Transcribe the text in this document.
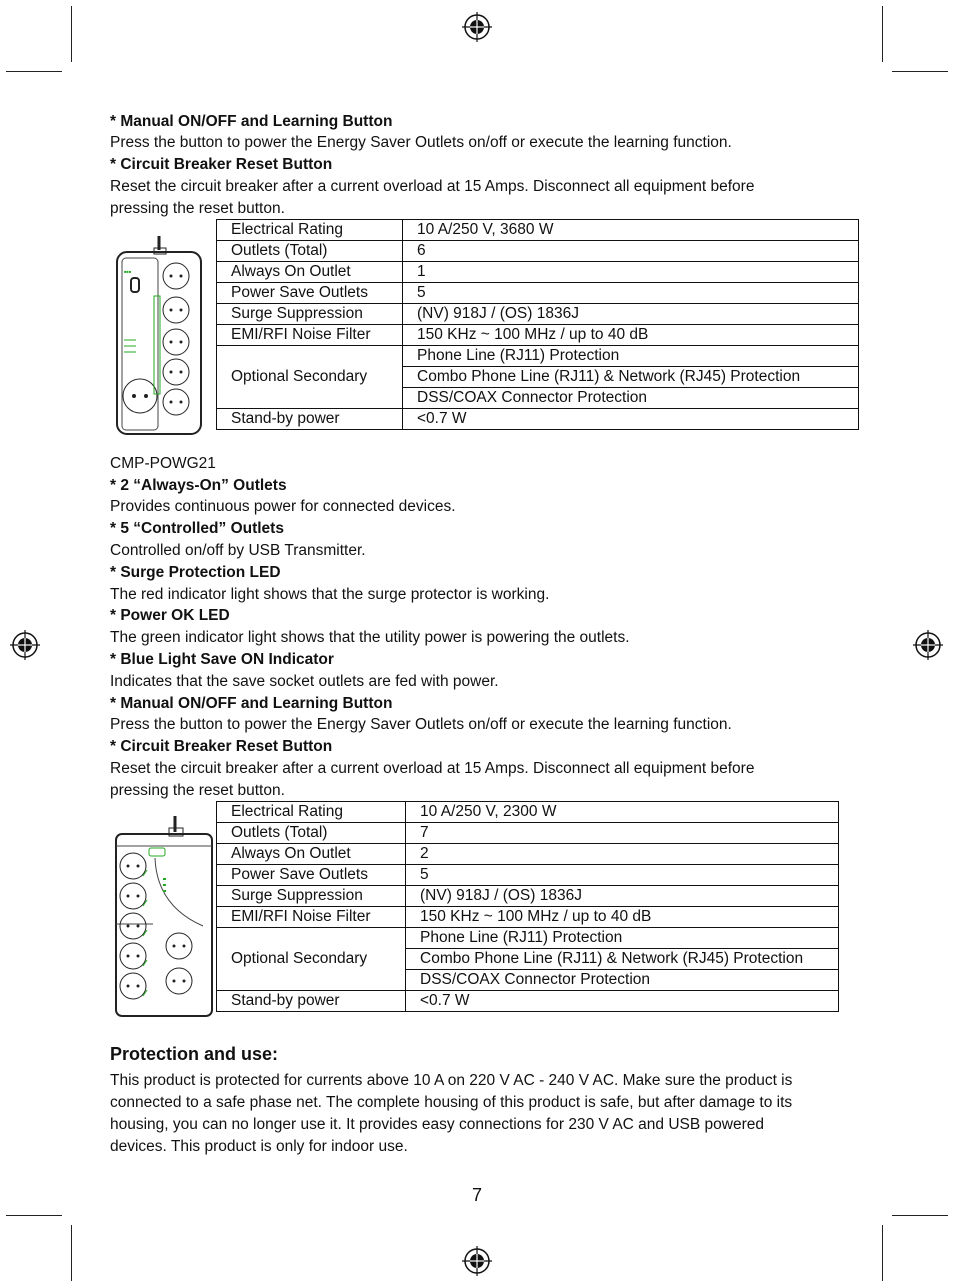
* Manual ON/OFF and Learning Button
Press the button to power the Energy Saver Outlets on/off or execute the learning function.
* Circuit Breaker Reset Button
Reset the circuit breaker after a current overload at 15 Amps. Disconnect all equipment before
pressing the reset button.
■■■
Electrical Rating	10 A/250 V, 3680 W
Outlets (Total)	6
Always On Outlet	1
Power Save Outlets	5
Surge Suppression	(NV) 918J / (OS) 1836J
EMI/RFI Noise Filter	150 KHz ~ 100 MHz / up to 40 dB
Optional Secondary	Phone Line (RJ11) Protection
	Combo Phone Line (RJ11) & Network (RJ45) Protection
	DSS/COAX Connector Protection
Stand-by power	<0.7 W
CMP-POWG21
* 2 “Always-On” Outlets
Provides continuous power for connected devices.
* 5 “Controlled” Outlets
Controlled on/off by USB Transmitter.
* Surge Protection LED
The red indicator light shows that the surge protector is working.
* Power OK LED
The green indicator light shows that the utility power is powering the outlets.
* Blue Light Save ON Indicator
Indicates that the save socket outlets are fed with power.
* Manual ON/OFF and Learning Button
Press the button to power the Energy Saver Outlets on/off or execute the learning function.
* Circuit Breaker Reset Button
Reset the circuit breaker after a current overload at 15 Amps. Disconnect all equipment before
pressing the reset button.
Electrical Rating	10 A/250 V, 2300 W
Outlets (Total)	7
Always On Outlet	2
Power Save Outlets	5
Surge Suppression	(NV) 918J / (OS) 1836J
EMI/RFI Noise Filter	150 KHz ~ 100 MHz / up to 40 dB
Optional Secondary	Phone Line (RJ11) Protection
	Combo Phone Line (RJ11) & Network (RJ45) Protection
	DSS/COAX Connector Protection
Stand-by power	<0.7 W
Protection and use:
This product is protected for currents above 10 A on 220 V AC - 240 V AC. Make sure the product is
connected to a safe phase net. The complete housing of this product is safe, but after damage to its
housing, you can no longer use it. It provides easy connections for 230 V AC and USB powered
devices. This product is only for indoor use.
7
